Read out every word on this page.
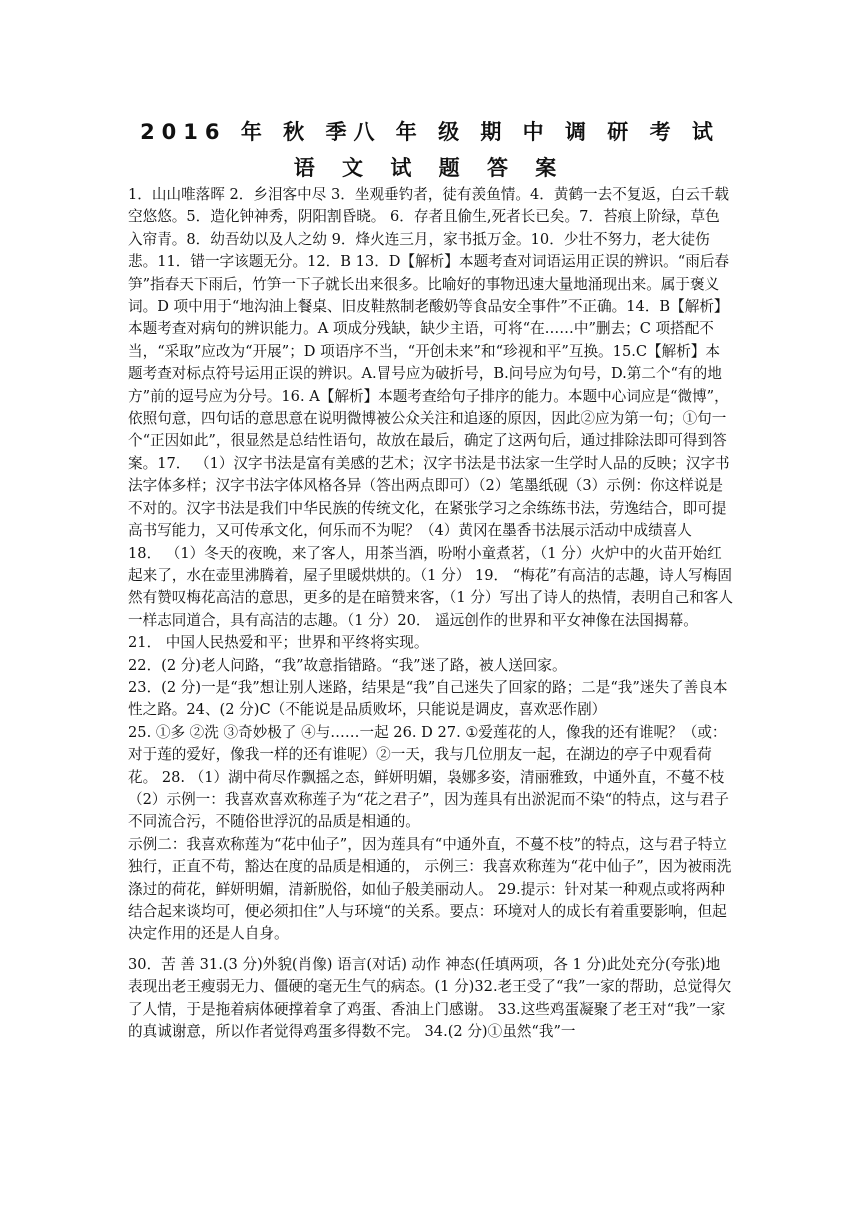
2016 年 秋 季八 年 级 期 中 调 研 考 试
语 文 试 题 答 案

1．山山唯落晖 2．乡泪客中尽 3．坐观垂钓者，徒有羡鱼情。4．黄鹤一去不复返，白云千载空悠悠。5．造化钟神秀，阴阳割昏晓。 6．存者且偷生,死者长已矣。7．苔痕上阶绿，草色入帘青。8．幼吾幼以及人之幼 9．烽火连三月，家书抵万金。10．少壮不努力，老大徒伤悲。11．错一字该题无分。12．B 13．D【解析】本题考查对词语运用正误的辨识。“雨后春笋”指春天下雨后，竹笋一下子就长出来很多。比喻好的事物迅速大量地涌现出来。属于褒义词。D 项中用于“地沟油上餐桌、旧皮鞋熬制老酸奶等食品安全事件”不正确。14．B【解析】本题考查对病句的辨识能力。A 项成分残缺，缺少主语，可将“在……中”删去；C 项搭配不当，“采取”应改为“开展”；D 项语序不当，“开创未来”和“珍视和平”互换。15.C【解析】本题考查对标点符号运用正误的辨识。A.冒号应为破折号，B.问号应为句号，D.第二个“有的地方”前的逗号应为分号。16. A【解析】本题考查给句子排序的能力。本题中心词应是“微博”，依照句意，四句话的意思意在说明微博被公众关注和追逐的原因，因此②应为第一句；①句一个“正因如此”，很显然是总结性语句，故放在最后，确定了这两句后，通过排除法即可得到答案。17． （1）汉字书法是富有美感的艺术；汉字书法是书法家一生学时人品的反映；汉字书法字体多样；汉字书法字体风格各异（答出两点即可）（2）笔墨纸砚（3）示例：你这样说是不对的。汉字书法是我们中华民族的传统文化，在紧张学习之余练练书法，劳逸结合，即可提高书写能力，又可传承文化，何乐而不为呢？（4）黄冈在墨香书法展示活动中成绩喜人

18． （1）冬天的夜晚，来了客人，用茶当酒，吩咐小童煮茗，（1 分）火炉中的火苗开始红起来了，水在壶里沸腾着，屋子里暖烘烘的。（1 分） 19． “梅花”有高洁的志趣，诗人写梅固然有赞叹梅花高洁的意思，更多的是在暗赞来客，（1 分）写出了诗人的热情，表明自己和客人一样志同道合，具有高洁的志趣。（1 分）20． 遥远创作的世界和平女神像在法国揭幕。 21． 中国人民热爱和平；世界和平终将实现。

22．(2 分)老人问路，“我”故意指错路。“我”迷了路，被人送回家。

23．(2 分)一是“我”想让别人迷路，结果是“我”自己迷失了回家的路；二是“我”迷失了善良本性之路。24、(2 分)C（不能说是品质败坏，只能说是调皮，喜欢恶作剧）

25. ①多 ②洗 ③奇妙极了 ④与……一起 26. D 27. ①爱莲花的人，像我的还有谁呢？（或：对于莲的爱好，像我一样的还有谁呢）②一天，我与几位朋友一起，在湖边的亭子中观看荷花。 28. （1）湖中荷尽作飘摇之态，鲜妍明媚，袅娜多姿，清丽雅致，中通外直，不蔓不枝 （2）示例一：我喜欢喜欢称莲子为“花之君子”，因为莲具有出淤泥而不染“的特点，这与君子不同流合污，不随俗世浮沉的品质是相通的。

示例二：我喜欢称莲为“花中仙子”，因为莲具有“中通外直，不蔓不枝”的特点，这与君子特立独行，正直不苟，豁达在度的品质是相通的， 示例三：我喜欢称莲为“花中仙子”，因为被雨洗涤过的荷花，鲜妍明媚，清新脱俗，如仙子般美丽动人。 29.提示：针对某一种观点或将两种结合起来谈均可，便必须扣住”人与环境“的关系。要点：环境对人的成长有着重要影响，但起决定作用的还是人自身。

30．苦 善 31.(3 分)外貌(肖像) 语言(对话) 动作 神态(任填两项，各 1 分)此处充分(夸张)地表现出老王瘦弱无力、僵硬的毫无生气的病态。(1 分)32.老王受了“我”一家的帮助，总觉得欠了人情，于是拖着病体硬撑着拿了鸡蛋、香油上门感谢。 33.这些鸡蛋凝聚了老王对“我”一家的真诚谢意，所以作者觉得鸡蛋多得数不完。 34.(2 分)①虽然“我”一
